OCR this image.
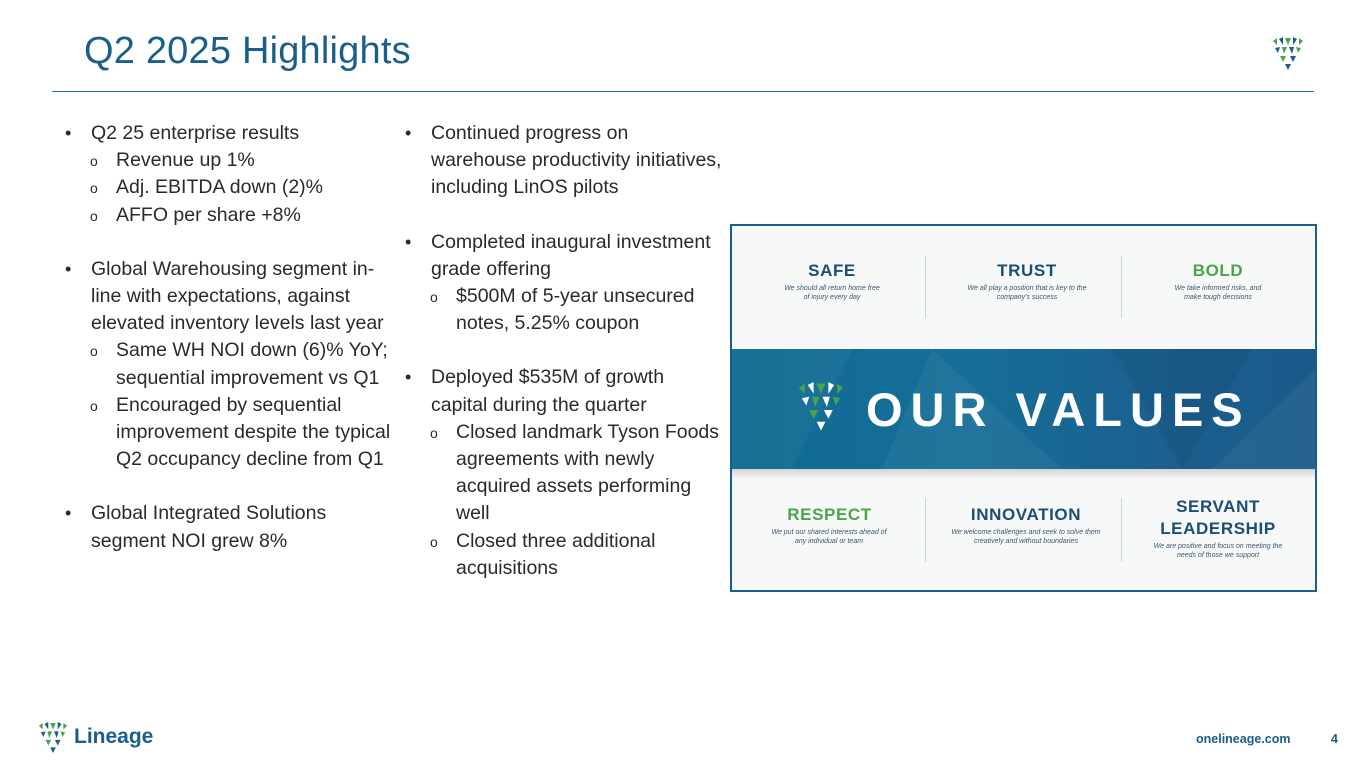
Q2 2025 Highlights
• Q2 25 enterprise results
o Revenue up 1%
o Adj. EBITDA down (2)%
o AFFO per share +8%
• Global Warehousing segment in-line with expectations, against elevated inventory levels last year
o Same WH NOI down (6)% YoY; sequential improvement vs Q1
o Encouraged by sequential improvement despite the typical Q2 occupancy decline from Q1
• Global Integrated Solutions segment NOI grew 8%
• Continued progress on warehouse productivity initiatives, including LinOS pilots
• Completed inaugural investment grade offering
o $500M of 5-year unsecured notes, 5.25% coupon
• Deployed $535M of growth capital during the quarter
o Closed landmark Tyson Foods agreements with newly acquired assets performing well
o Closed three additional acquisitions
SAFE
We should all return home free of injury every day
TRUST
We all play a position that is key to the company's success
BOLD
We take informed risks, and make tough decisions
OUR VALUES
RESPECT
We put our shared interests ahead of any individual or team
INNOVATION
We welcome challenges and seek to solve them creatively and without boundaries
SERVANT LEADERSHIP
We are positive and focus on meeting the needs of those we support
Lineage	onelineage.com	4
